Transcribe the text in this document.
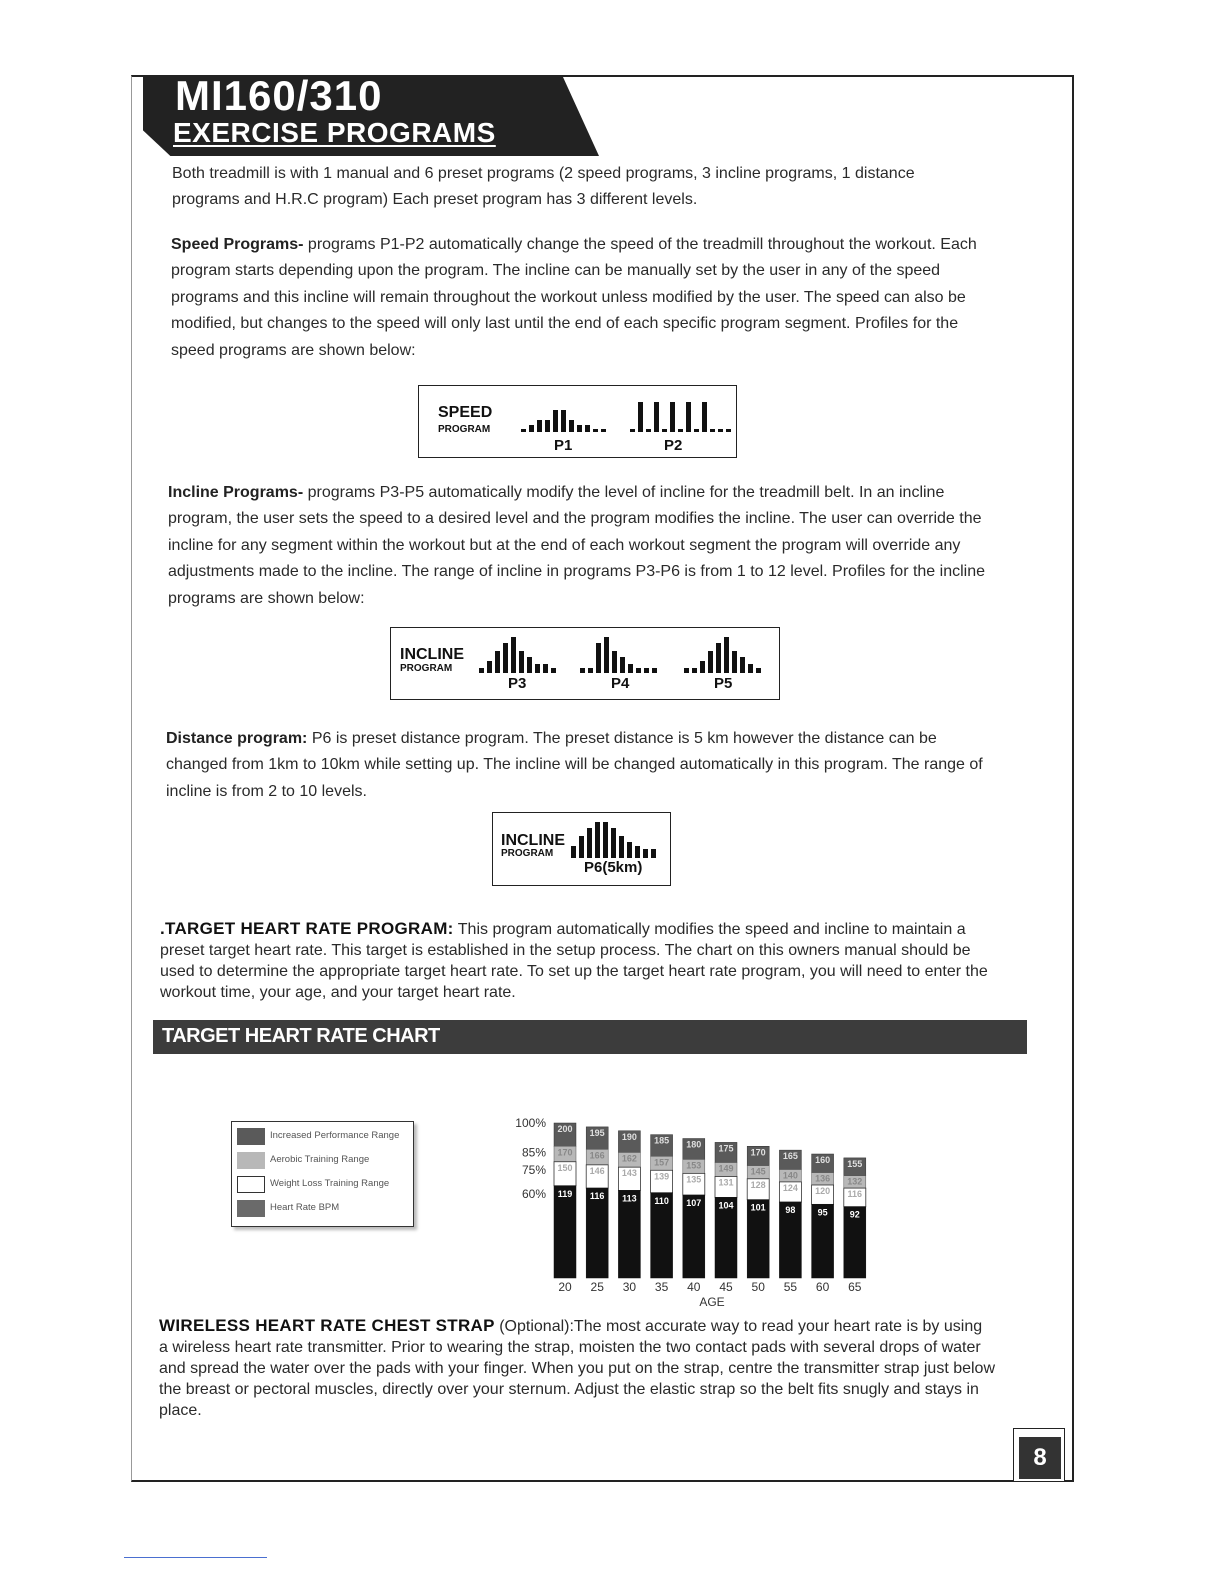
MI160/310
EXERCISE PROGRAMS

Both treadmill is with 1 manual and 6 preset programs (2 speed programs, 3 incline programs, 1 distance
programs and H.R.C program) Each preset program has 3 different levels.

Speed Programs- programs P1-P2 automatically change the speed of the treadmill throughout the workout. Each
program starts depending upon the program. The incline can be manually set by the user in any of the speed
programs and this incline will remain throughout the workout unless modified by the user. The speed can also be
modified, but changes to the speed will only last until the end of each specific program segment. Profiles for the
speed programs are shown below:

SPEED
PROGRAM
P1	P2

Incline Programs- programs P3-P5 automatically modify the level of incline for the treadmill belt. In an incline
program, the user sets the speed to a desired level and the program modifies the incline. The user can override the
incline for any segment within the workout but at the end of each workout segment the program will override any
adjustments made to the incline. The range of incline in programs P3-P6 is from 1 to 12 level. Profiles for the incline
programs are shown below:

INCLINE
PROGRAM
P3	P4	P5

Distance program: P6 is preset distance program. The preset distance is 5 km however the distance can be
changed from 1km to 10km while setting up. The incline will be changed automatically in this program. The range of
incline is from 2 to 10 levels.

INCLINE
PROGRAM
P6(5km)

.TARGET HEART RATE PROGRAM: This program automatically modifies the speed and incline to maintain a
preset target heart rate. This target is established in the setup process. The chart on this owners manual should be
used to determine the appropriate target heart rate. To set up the target heart rate program, you will need to enter the
workout time, your age, and your target heart rate.

TARGET HEART RATE CHART
Increased Performance Range
Aerobic Training Range
Weight Loss Training Range
Heart Rate BPM
100%
85%
75%
60%
200
170
150
119
20
195
166
146
116
25
190
162
143
113
30
185
157
139
110
35
180
153
135
107
40
175
149
131
104
45
170
145
128
101
50
165
140
124
98
55
160
136
120
95
60
155
132
116
92
65
AGE

WIRELESS HEART RATE CHEST STRAP (Optional):The most accurate way to read your heart rate is by using
a wireless heart rate transmitter. Prior to wearing the strap, moisten the two contact pads with several drops of water
and spread the water over the pads with your finger. When you put on the strap, centre the transmitter strap just below
the breast or pectoral muscles, directly over your sternum. Adjust the elastic strap so the belt fits snugly and stays in
place.

8
